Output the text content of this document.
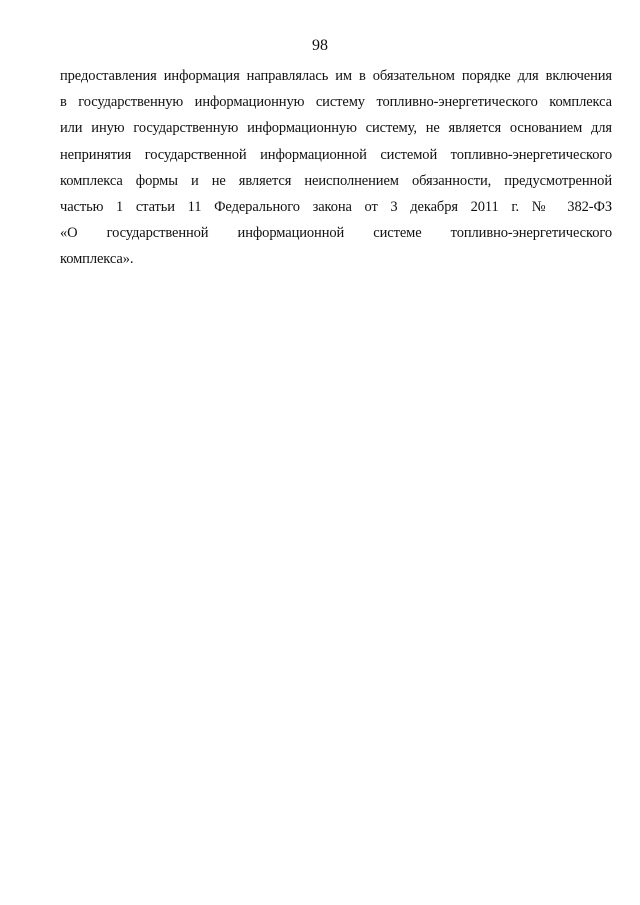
98
предоставления информация направлялась им в обязательном порядке для включения
в государственную информационную систему топливно-энергетического комплекса
или иную государственную информационную систему, не является основанием для
непринятия государственной информационной системой топливно-энергетического
комплекса формы и не является неисполнением обязанности, предусмотренной
частью 1 статьи 11 Федерального закона от 3 декабря 2011 г. № 382-ФЗ
«О государственной информационной системе топливно-энергетического
комплекса».
